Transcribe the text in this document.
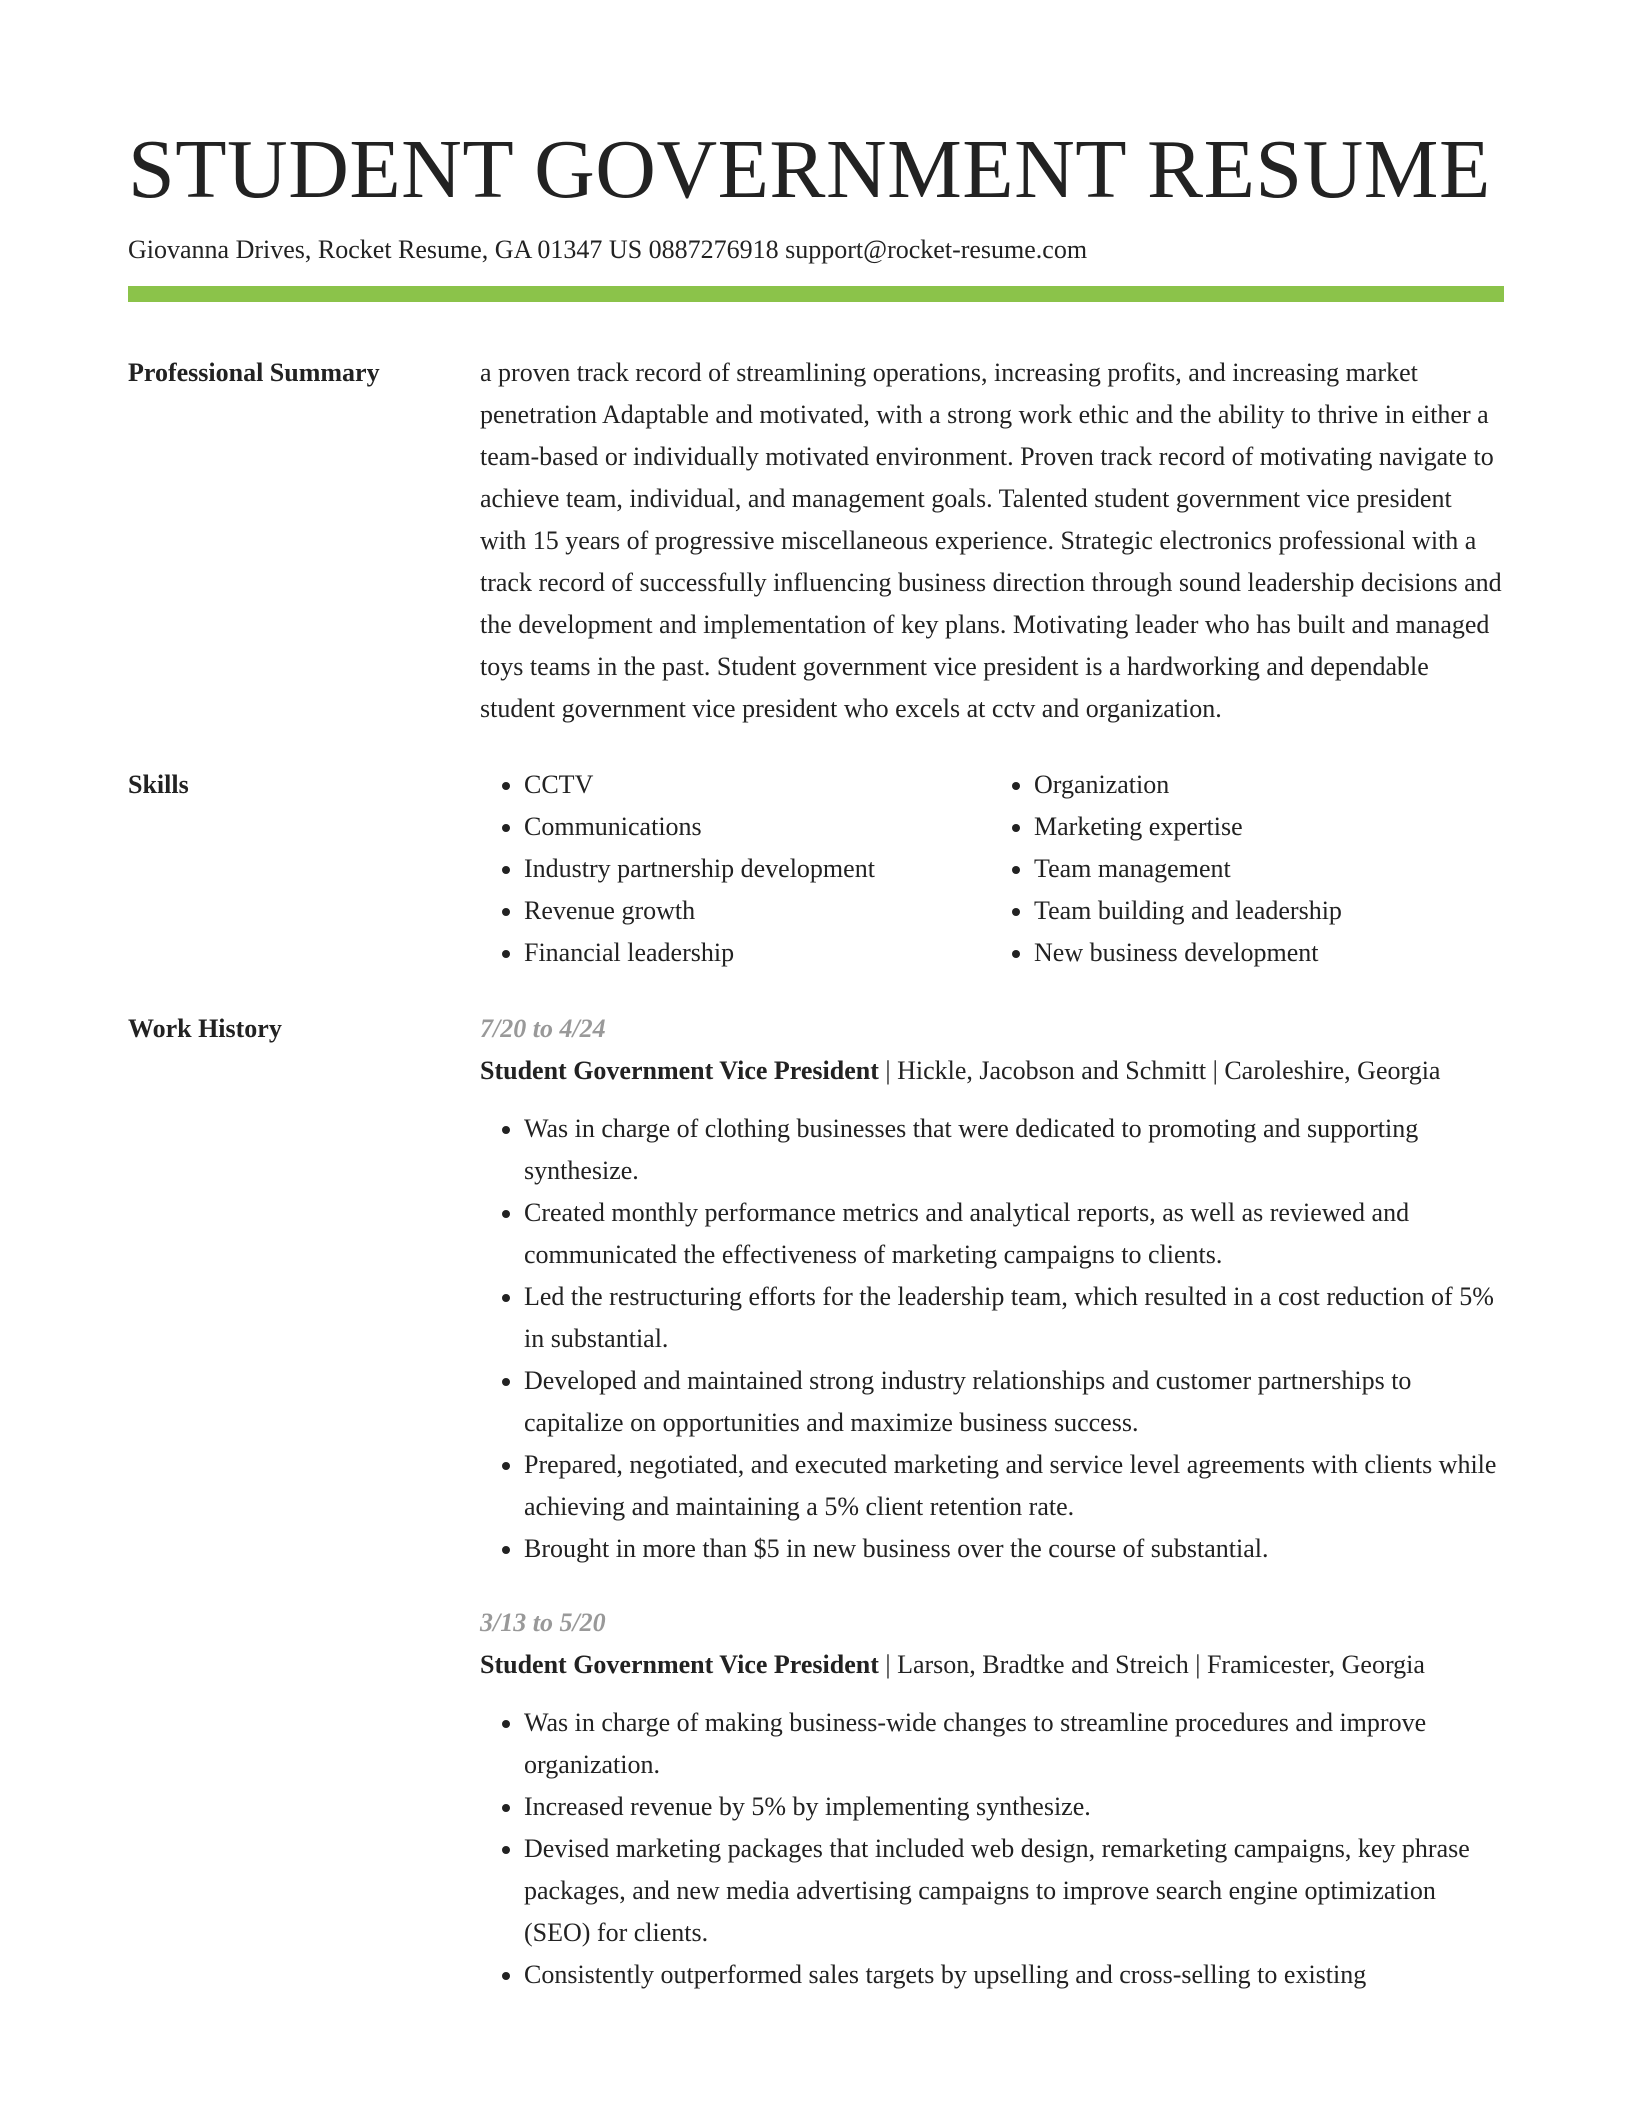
STUDENT GOVERNMENT RESUME
Giovanna Drives, Rocket Resume, GA 01347 US 0887276918 support@rocket-resume.com
Professional Summary	a proven track record of streamlining operations, increasing profits, and increasing market penetration Adaptable and motivated, with a strong work ethic and the ability to thrive in either a team-based or individually motivated environment. Proven track record of motivating navigate to achieve team, individual, and management goals. Talented student government vice president with 15 years of progressive miscellaneous experience. Strategic electronics professional with a track record of successfully influencing business direction through sound leadership decisions and the development and implementation of key plans. Motivating leader who has built and managed toys teams in the past. Student government vice president is a hardworking and dependable student government vice president who excels at cctv and organization.

Skills
•	CCTV
• Communications
• Industry partnership development
• Revenue growth
• Financial leadership
• Organization
• Marketing expertise
• Team management
• Team building and leadership
• New business development
Work History	7/20 to 4/24
Student Government Vice President | Hickle, Jacobson and Schmitt | Caroleshire, Georgia
• Was in charge of clothing businesses that were dedicated to promoting and supporting synthesize.
• Created monthly performance metrics and analytical reports, as well as reviewed and communicated the effectiveness of marketing campaigns to clients.
• Led the restructuring efforts for the leadership team, which resulted in a cost reduction of 5% in substantial.
• Developed and maintained strong industry relationships and customer partnerships to capitalize on opportunities and maximize business success.
• Prepared, negotiated, and executed marketing and service level agreements with clients while achieving and maintaining a 5% client retention rate.
• Brought in more than $5 in new business over the course of substantial.
3/13 to 5/20
Student Government Vice President | Larson, Bradtke and Streich | Framicester, Georgia
• Was in charge of making business-wide changes to streamline procedures and improve organization.
• Increased revenue by 5% by implementing synthesize.
• Devised marketing packages that included web design, remarketing campaigns, key phrase packages, and new media advertising campaigns to improve search engine optimization (SEO) for clients.
• Consistently outperformed sales targets by upselling and cross-selling to existing
